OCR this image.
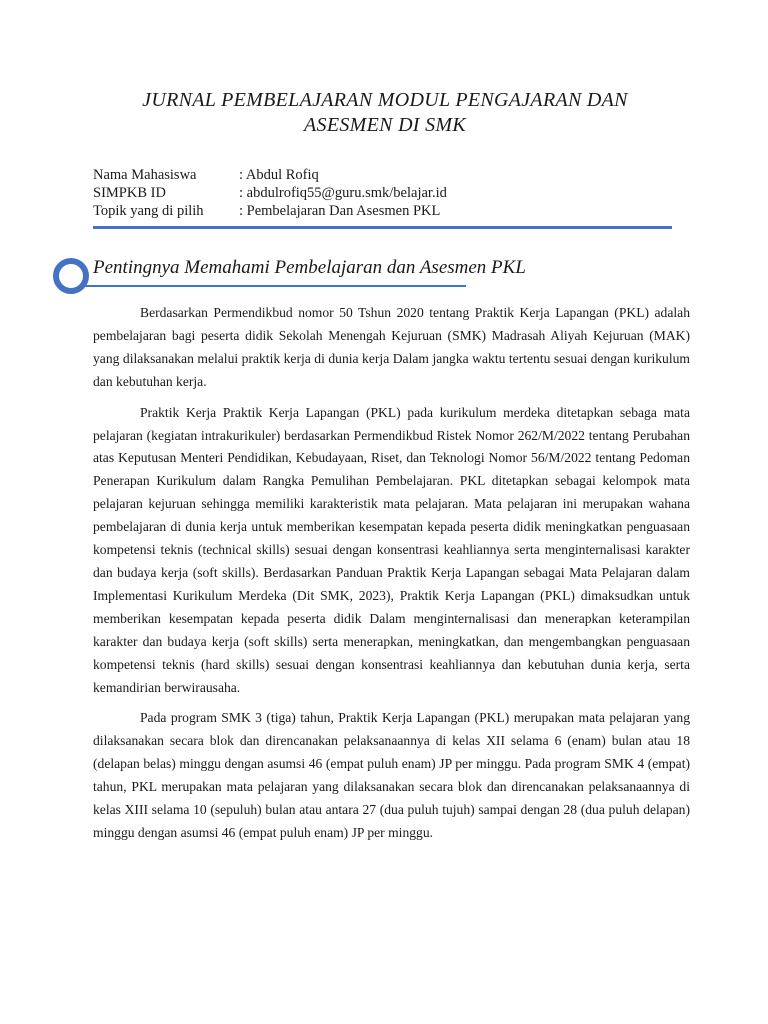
JURNAL PEMBELAJARAN MODUL PENGAJARAN DAN
ASESMEN DI SMK
Nama Mahasiswa	: Abdul Rofiq
SIMPKB ID	: abdulrofiq55@guru.smk/belajar.id
Topik yang di pilih	: Pembelajaran Dan Asesmen PKL
Pentingnya Memahami Pembelajaran dan Asesmen PKL

Berdasarkan Permendikbud nomor 50 Tshun 2020 tentang Praktik Kerja Lapangan (PKL) adalah pembelajaran bagi peserta didik Sekolah Menengah Kejuruan (SMK) Madrasah Aliyah Kejuruan (MAK) yang dilaksanakan melalui praktik kerja di dunia kerja Dalam jangka waktu tertentu sesuai dengan kurikulum dan kebutuhan kerja.

Praktik Kerja Praktik Kerja Lapangan (PKL) pada kurikulum merdeka ditetapkan sebaga mata pelajaran (kegiatan intrakurikuler) berdasarkan Permendikbud Ristek Nomor 262/M/2022 tentang Perubahan atas Keputusan Menteri Pendidikan, Kebudayaan, Riset, dan Teknologi Nomor 56/M/2022 tentang Pedoman Penerapan Kurikulum dalam Rangka Pemulihan Pembelajaran. PKL ditetapkan sebagai kelompok mata pelajaran kejuruan sehingga memiliki karakteristik mata pelajaran. Mata pelajaran ini merupakan wahana pembelajaran di dunia kerja untuk memberikan kesempatan kepada peserta didik meningkatkan penguasaan kompetensi teknis (technical skills) sesuai dengan konsentrasi keahliannya serta menginternalisasi karakter dan budaya kerja (soft skills). Berdasarkan Panduan Praktik Kerja Lapangan sebagai Mata Pelajaran dalam Implementasi Kurikulum Merdeka (Dit SMK, 2023), Praktik Kerja Lapangan (PKL) dimaksudkan untuk memberikan kesempatan kepada peserta didik Dalam menginternalisasi dan menerapkan keterampilan karakter dan budaya kerja (soft skills) serta menerapkan, meningkatkan, dan mengembangkan penguasaan kompetensi teknis (hard skills) sesuai dengan konsentrasi keahliannya dan kebutuhan dunia kerja, serta kemandirian berwirausaha.

Pada program SMK 3 (tiga) tahun, Praktik Kerja Lapangan (PKL) merupakan mata pelajaran yang dilaksanakan secara blok dan direncanakan pelaksanaannya di kelas XII selama 6 (enam) bulan atau 18 (delapan belas) minggu dengan asumsi 46 (empat puluh enam) JP per minggu. Pada program SMK 4 (empat) tahun, PKL merupakan mata pelajaran yang dilaksanakan secara blok dan direncanakan pelaksanaannya di kelas XIII selama 10 (sepuluh) bulan atau antara 27 (dua puluh tujuh) sampai dengan 28 (dua puluh delapan) minggu dengan asumsi 46 (empat puluh enam) JP per minggu.
